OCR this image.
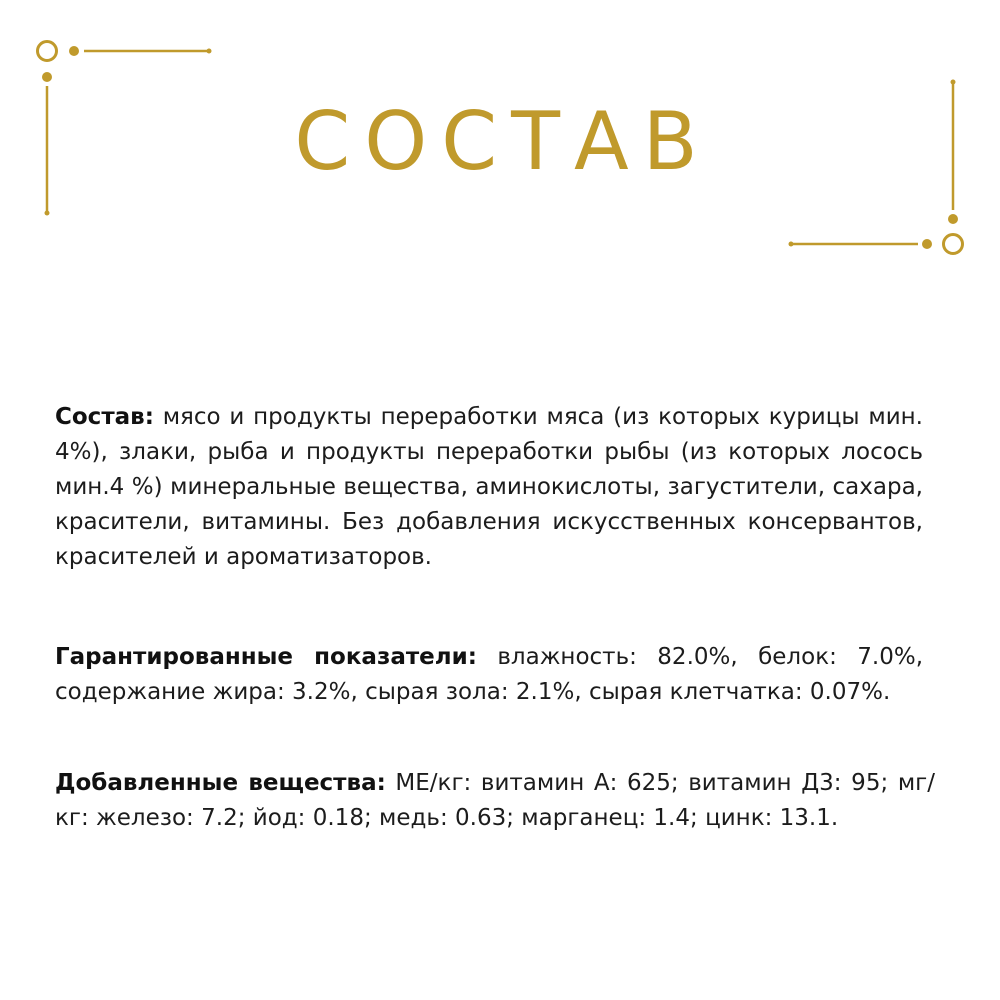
СОСТАВ

Состав: мясо и продукты переработки мяса (из которых курицы мин. 4%), злаки, рыба и продукты переработки рыбы (из которых лосось мин.4 %) минеральные вещества, аминокислоты, загустители, сахара, красители, витамины. Без добавления искусственных консервантов, красителей и ароматизаторов.

Гарантированные показатели: влажность: 82.0%, белок: 7.0%, содержание жира: 3.2%, сырая зола: 2.1%, сырая клетчатка: 0.07%.

Добавленные вещества: МЕ/кг: витамин А: 625; витамин Д3: 95; мг/кг: железо: 7.2; йод: 0.18; медь: 0.63; марганец: 1.4; цинк: 13.1.
